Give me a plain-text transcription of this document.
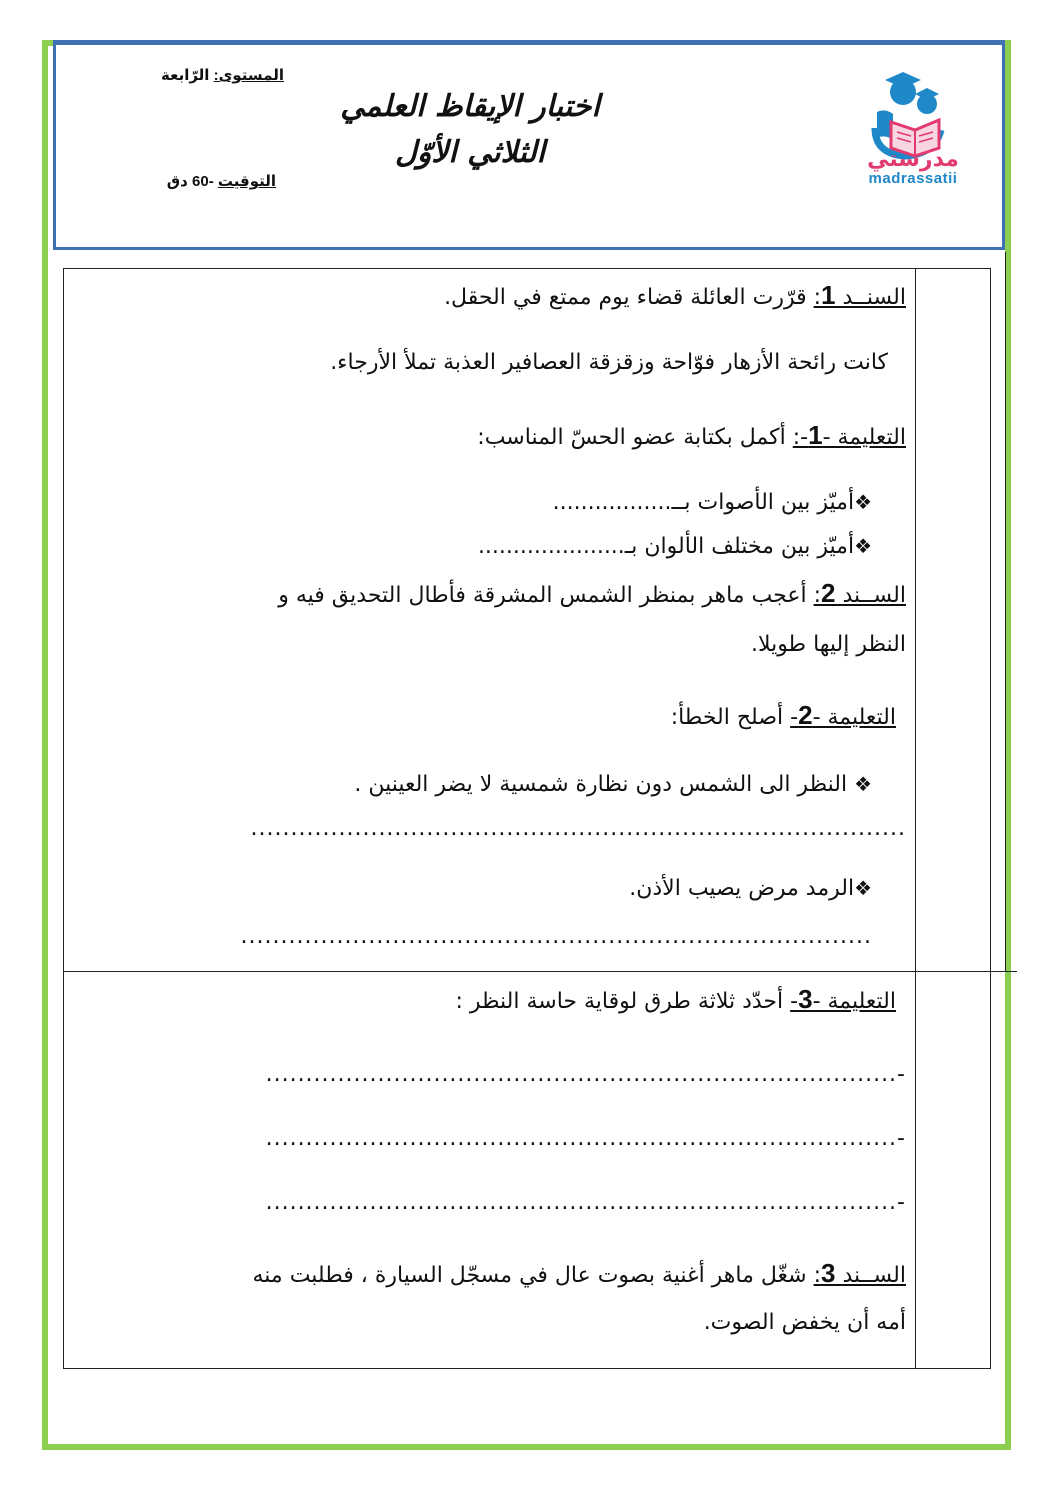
مدرستي
madrassatii
اختبار الإيقاظ العلمي
الثلاثي الأوّل
المستوى: الرّابعة
التوقيت -60 دق
السنــد 1: قرّرت العائلة قضاء يوم ممتع في الحقل.
كانت رائحة الأزهار فوّاحة وزقزقة العصافير العذبة تملأ الأرجاء.
التعليمة -1-: أكمل بكتابة عضو الحسّ المناسب:
❖أميّز بين الأصوات بــ.................
❖أميّز بين مختلف الألوان بـ.....................
الســند 2: أعجب ماهر بمنظر الشمس المشرقة فأطال التحديق فيه و
النظر إليها طويلا.
التعليمة -2- أصلح الخطأ:
❖ النظر الى الشمس دون نظارة شمسية لا يضر العينين .
..................................................................................
❖الرمد مرض يصيب الأذن.
...............................................................................
التعليمة -3- أحدّد ثلاثة طرق لوقاية حاسة النظر :
-...............................................................................
-...............................................................................
-...............................................................................
الســند 3: شغّل ماهر أغنية بصوت عال في مسجّل السيارة ، فطلبت منه
أمه أن يخفض الصوت.
